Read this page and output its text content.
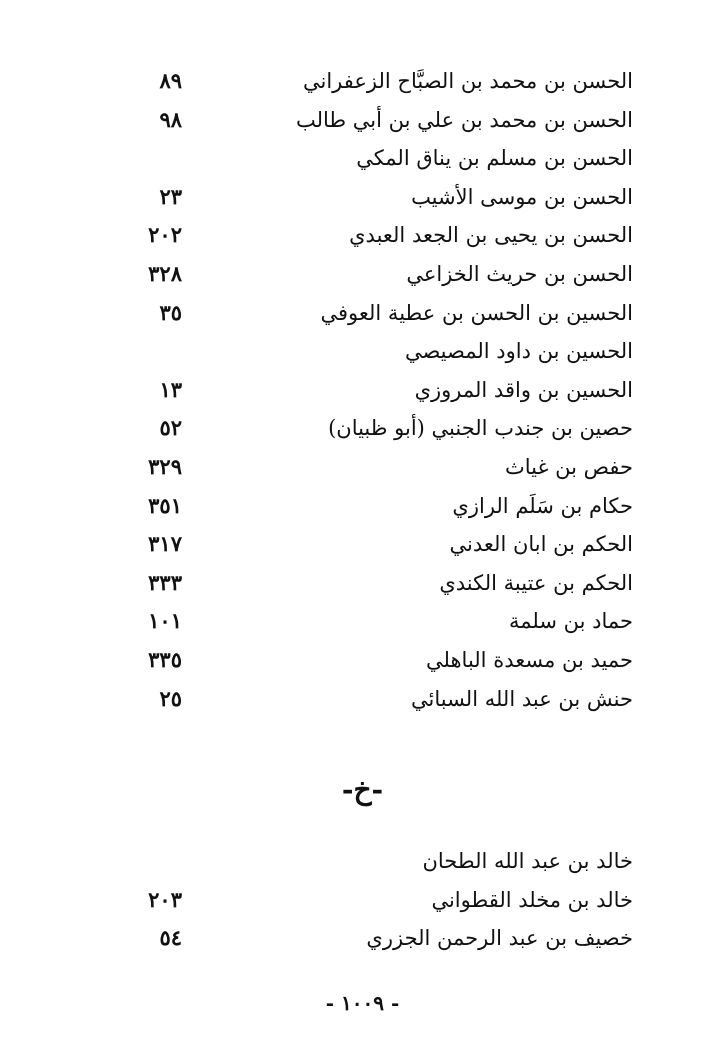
الحسن بن محمد بن الصبَّاح الزعفراني
٨٩
الحسن بن محمد بن علي بن أبي طالب
٩٨
الحسن بن مسلم بن يناق المكي
الحسن بن موسى الأشيب
٢٣
الحسن بن يحيى بن الجعد العبدي
٢٠٢
الحسن بن حريث الخزاعي
٣٢٨
الحسين بن الحسن بن عطية العوفي
٣٥
الحسين بن داود المصيصي
الحسين بن واقد المروزي
١٣
حصين بن جندب الجنبي (أبو ظبيان)
٥٢
حفص بن غياث
٣٢٩
حكام بن سَلَم الرازي
٣٥١
الحكم بن ابان العدني
٣١٧
الحكم بن عتيبة الكندي
٣٣٣
حماد بن سلمة
١٠١
حميد بن مسعدة الباهلي
٣٣٥
حنش بن عبد الله السبائي
٢٥
-خ-
خالد بن عبد الله الطحان
خالد بن مخلد القطواني
٢٠٣
خصيف بن عبد الرحمن الجزري
٥٤
- ١٠٠٩ -
